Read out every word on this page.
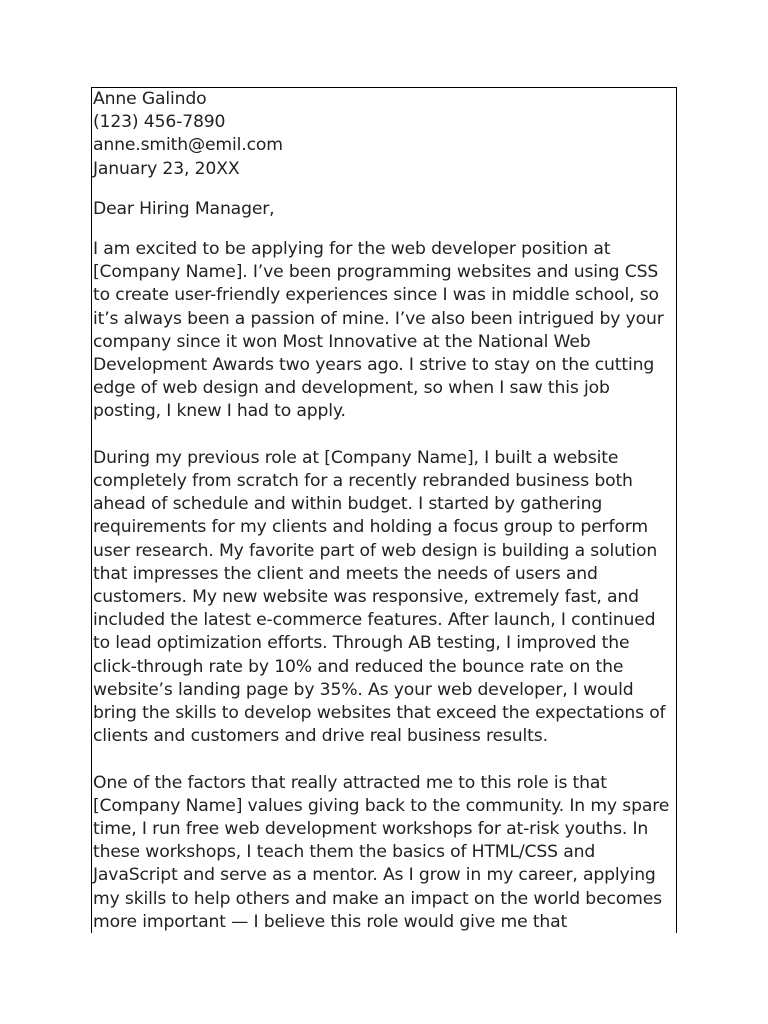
Anne Galindo
(123) 456-7890
anne.smith@emil.com
January 23, 20XX
Dear Hiring Manager,

I am excited to be applying for the web developer position at [Company Name]. I’ve been programming websites and using CSS to create user-friendly experiences since I was in middle school, so it’s always been a passion of mine. I’ve also been intrigued by your company since it won Most Innovative at the National Web Development Awards two years ago. I strive to stay on the cutting edge of web design and development, so when I saw this job posting, I knew I had to apply.

During my previous role at [Company Name], I built a website completely from scratch for a recently rebranded business both ahead of schedule and within budget. I started by gathering requirements for my clients and holding a focus group to perform user research. My favorite part of web design is building a solution that impresses the client and meets the needs of users and customers. My new website was responsive, extremely fast, and included the latest e-commerce features. After launch, I continued to lead optimization efforts. Through AB testing, I improved the click-through rate by 10% and reduced the bounce rate on the website’s landing page by 35%. As your web developer, I would bring the skills to develop websites that exceed the expectations of clients and customers and drive real business results.

One of the factors that really attracted me to this role is that [Company Name] values giving back to the community. In my spare time, I run free web development workshops for at-risk youths. In these workshops, I teach them the basics of HTML/CSS and JavaScript and serve as a mentor. As I grow in my career, applying my skills to help others and make an impact on the world becomes more important — I believe this role would give me that
